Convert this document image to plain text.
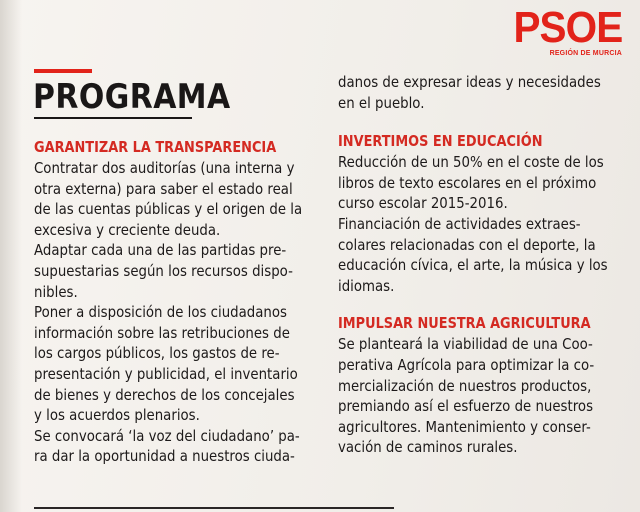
PSOE
REGIÓN DE MURCIA
PROGRAMA

GARANTIZAR LA TRANSPARENCIA

Contratar dos auditorías (una interna y

otra externa) para saber el estado real

de las cuentas públicas y el origen de la

excesiva y creciente deuda.

Adaptar cada una de las partidas pre-

supuestarias según los recursos dispo-

nibles.

Poner a disposición de los ciudadanos

información sobre las retribuciones de

los cargos públicos, los gastos de re-

presentación y publicidad, el inventario

de bienes y derechos de los concejales

y los acuerdos plenarios.

Se convocará ‘la voz del ciudadano’ pa-

ra dar la oportunidad a nuestros ciuda-

danos de expresar ideas y necesidades

en el pueblo.

INVERTIMOS EN EDUCACIÓN

Reducción de un 50% en el coste de los

libros de texto escolares en el próximo

curso escolar 2015-2016.

Financiación de actividades extraes-

colares relacionadas con el deporte, la

educación cívica, el arte, la música y los

idiomas.

IMPULSAR NUESTRA AGRICULTURA

Se planteará la viabilidad de una Coo-

perativa Agrícola para optimizar la co-

mercialización de nuestros productos,

premiando así el esfuerzo de nuestros

agricultores. Mantenimiento y conser-

vación de caminos rurales.
